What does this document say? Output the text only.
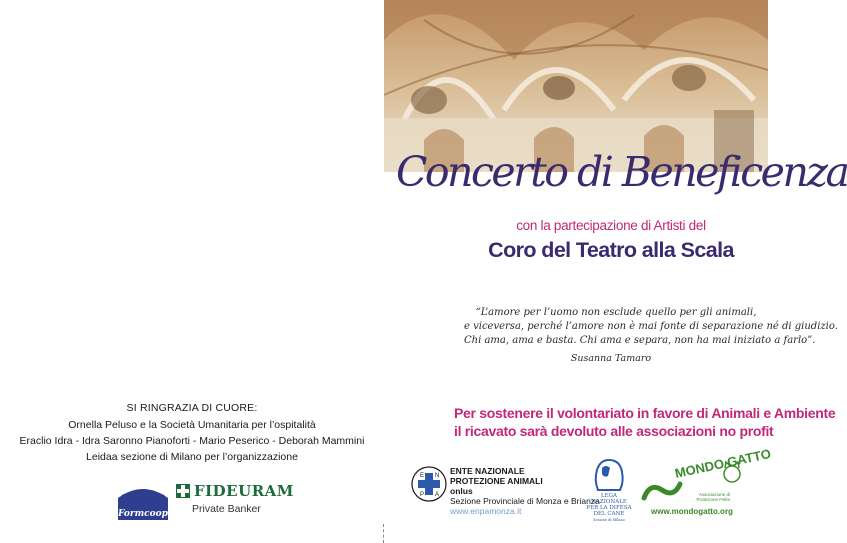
Concerto di Beneficenza
con la partecipazione di Artisti del
Coro del Teatro alla Scala
“L’amore per l’uomo non esclude quello per gli animali,
e viceversa, perché l’amore non è mai fonte di separazione né di giudizio.
Chi ama, ama e basta. Chi ama e separa, non ha mai iniziato a farlo”.
Susanna Tamaro
Per sostenere il volontariato in favore di Animali e Ambiente
il ricavato sarà devoluto alle associazioni no profit
SI RINGRAZIA DI CUORE:
Ornella Peluso e la Società Umanitaria per l’ospitalità
Eraclio Idra - Idra Saronno Pianoforti - Mario Peserico - Deborah Mammini
Leidaa sezione di Milano per l’organizzazione
Formcoop
FIDEURAM
Private Banker
E N
P A
ENTE NAZIONALE
PROTEZIONE ANIMALI
onlus
Sezione Provinciale di Monza e Brianza
www.enpamonza.it
LEGA
NAZIONALE
PER LA DIFESA
DEL CANE
Sezione di Milano
MONDO GATTO
Associazione di
Protezione Felini
www.mondogatto.org
